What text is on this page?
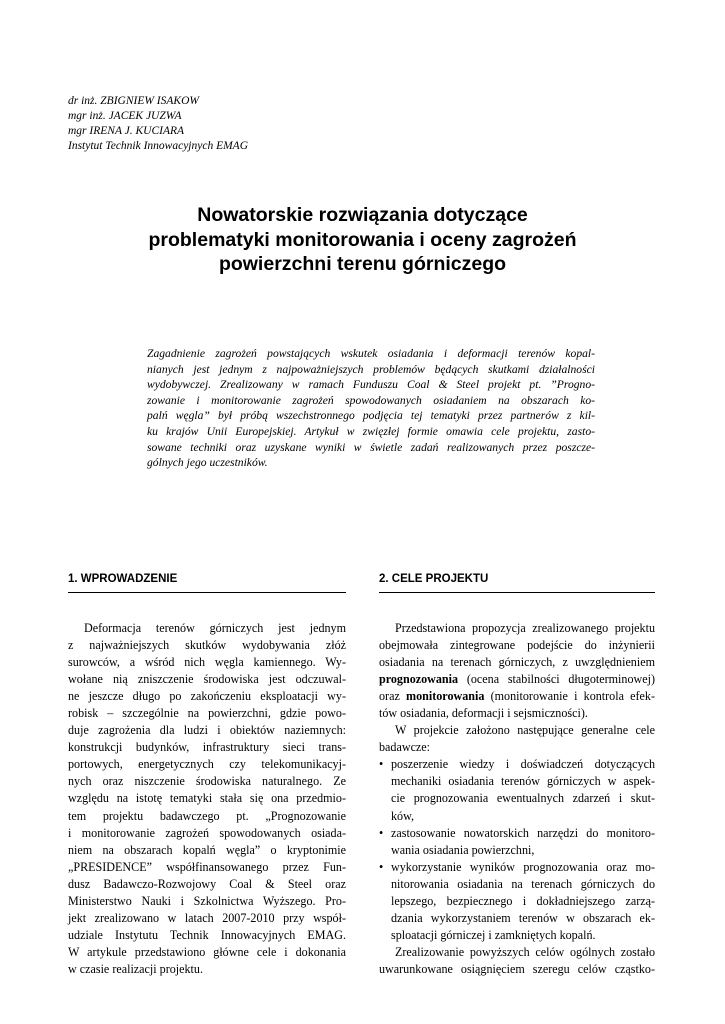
dr inż. ZBIGNIEW ISAKOW
mgr inż. JACEK JUZWA
mgr IRENA J. KUCIARA
Instytut Technik Innowacyjnych EMAG
Nowatorskie rozwiązania dotyczące
problematyki monitorowania i oceny zagrożeń
powierzchni terenu górniczego
Zagadnienie zagrożeń powstających wskutek osiadania i deformacji terenów kopal-
nianych jest jednym z najpoważniejszych problemów będących skutkami działalności
wydobywczej. Zrealizowany w ramach Funduszu Coal & Steel projekt pt. ”Progno-
zowanie i monitorowanie zagrożeń spowodowanych osiadaniem na obszarach ko-
palń węgla” był próbą wszechstronnego podjęcia tej tematyki przez partnerów z kil-
ku krajów Unii Europejskiej. Artykuł w zwięzłej formie omawia cele projektu, zasto-
sowane techniki oraz uzyskane wyniki w świetle zadań realizowanych przez poszcze-
gólnych jego uczestników.
1. WPROWADZENIE	2. CELE PROJEKTU
Deformacja terenów górniczych jest jednym
z najważniejszych skutków wydobywania złóż
surowców, a wśród nich węgla kamiennego. Wy-
wołane nią zniszczenie środowiska jest odczuwal-
ne jeszcze długo po zakończeniu eksploatacji wy-
robisk – szczególnie na powierzchni, gdzie powo-
duje zagrożenia dla ludzi i obiektów naziemnych:
konstrukcji budynków, infrastruktury sieci trans-
portowych, energetycznych czy telekomunikacyj-
nych oraz niszczenie środowiska naturalnego. Ze
względu na istotę tematyki stała się ona przedmio-
tem projektu badawczego pt. „Prognozowanie
i monitorowanie zagrożeń spowodowanych osiada-
niem na obszarach kopalń węgla” o kryptonimie
„PRESIDENCE” współfinansowanego przez Fun-
dusz Badawczo-Rozwojowy Coal & Steel oraz
Ministerstwo Nauki i Szkolnictwa Wyższego. Pro-
jekt zrealizowano w latach 2007-2010 przy współ-
udziale Instytutu Technik Innowacyjnych EMAG.
W artykule przedstawiono główne cele i dokonania
w czasie realizacji projektu.
Przedstawiona propozycja zrealizowanego projektu
obejmowała zintegrowane podejście do inżynierii
osiadania na terenach górniczych, z uwzględnieniem
prognozowania (ocena stabilności długoterminowej)
oraz monitorowania (monitorowanie i kontrola efek-
tów osiadania, deformacji i sejsmiczności).
W projekcie założono następujące generalne cele
badawcze:
• poszerzenie wiedzy i doświadczeń dotyczących
mechaniki osiadania terenów górniczych w aspek-
cie prognozowania ewentualnych zdarzeń i skut-
ków,
• zastosowanie nowatorskich narzędzi do monitoro-
wania osiadania powierzchni,
• wykorzystanie wyników prognozowania oraz mo-
nitorowania osiadania na terenach górniczych do
lepszego, bezpiecznego i dokładniejszego zarzą-
dzania wykorzystaniem terenów w obszarach ek-
sploatacji górniczej i zamkniętych kopalń.
Zrealizowanie powyższych celów ogólnych zostało
uwarunkowane osiągnięciem szeregu celów cząstko-
